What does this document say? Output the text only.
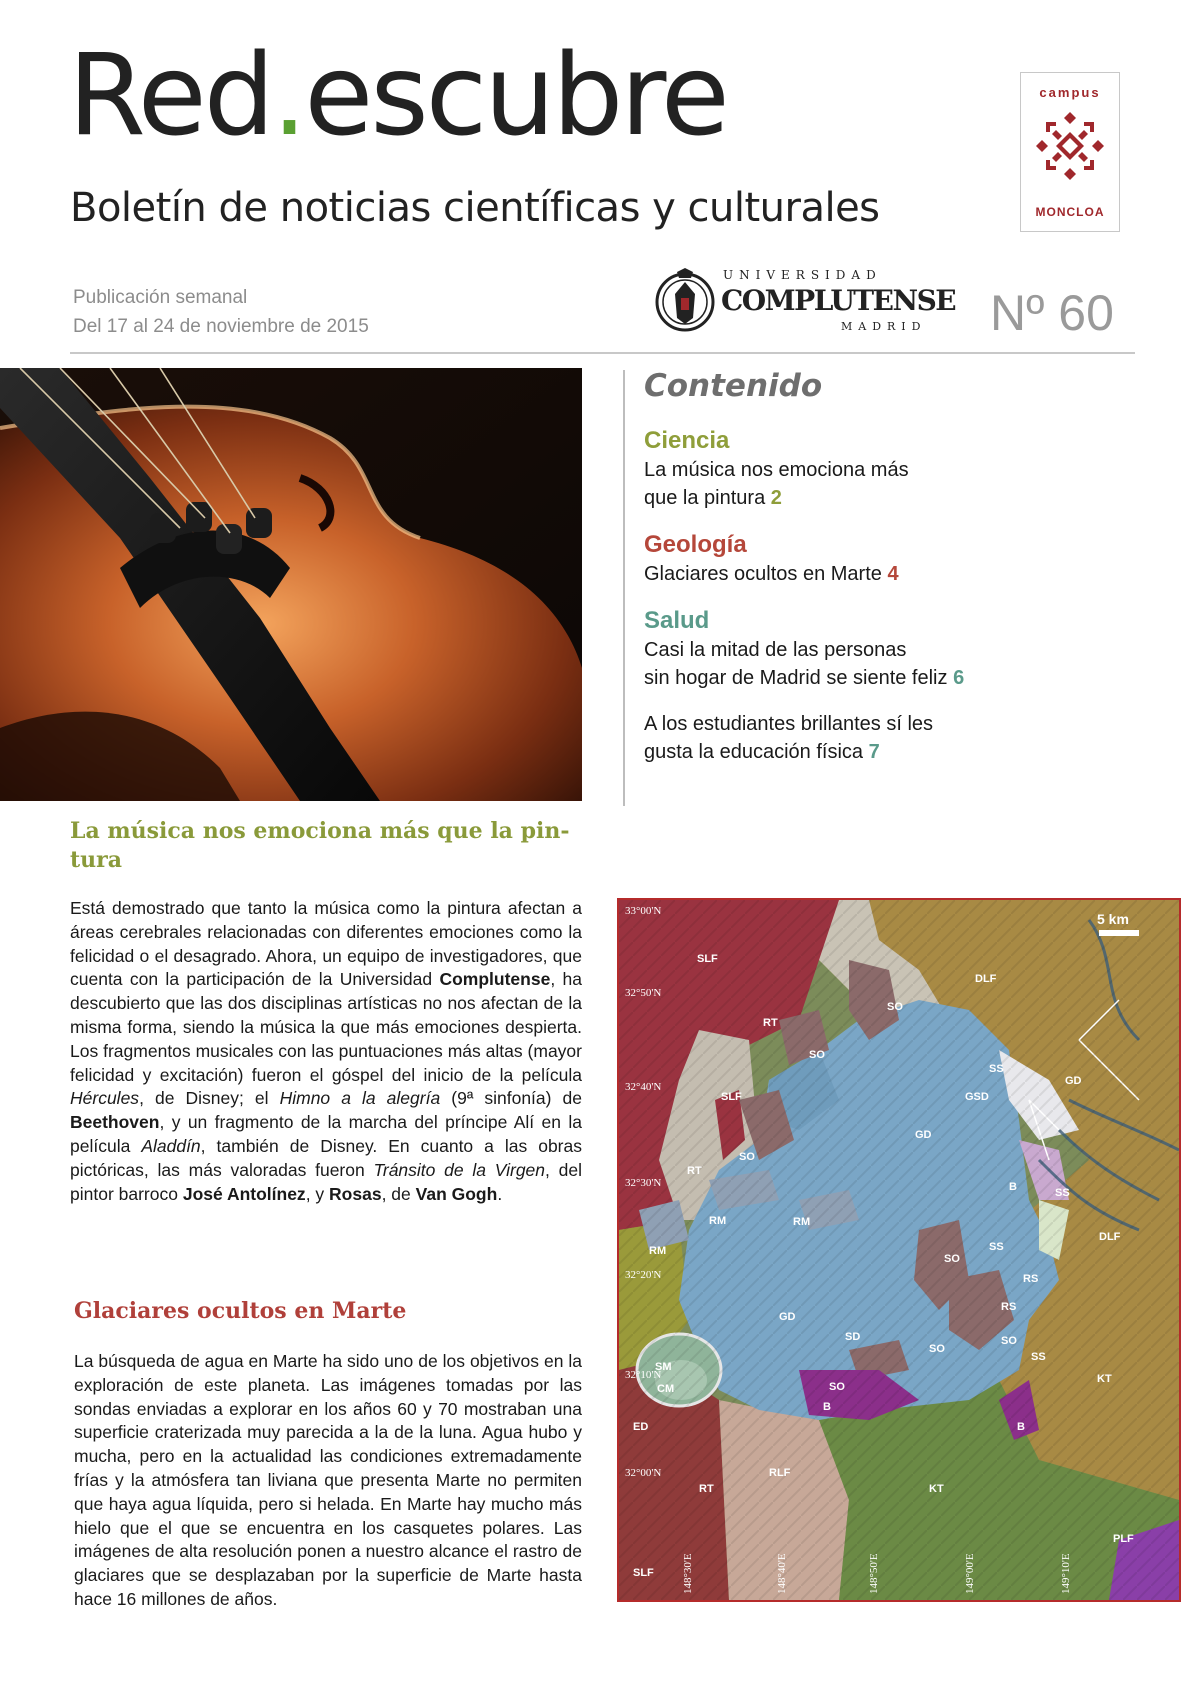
Red.escubre
Boletín de noticias científicas y culturales
campus
MONCLOA
Publicación semanal
Del 17 al 24 de noviembre de 2015
UNIVERSIDAD
COMPLUTENSE
MADRID Nº 60
Contenido
Ciencia
La música nos emociona más
que la pintura 2
Geología
Glaciares ocultos en Marte 4
Salud
Casi la mitad de las personas
sin hogar de Madrid se siente feliz 6
A los estudiantes brillantes sí les
gusta la educación física 7
La música nos emociona más que la pin-
tura

Está demostrado que tanto la música como la pintura afectan a áreas cerebrales relacionadas con diferentes emociones como la felicidad o el desagrado. Ahora, un equipo de investigadores, que cuenta con la participación de la Universidad Complutense, ha descubierto que las dos disciplinas artísticas no nos afectan de la misma forma, siendo la música la que más emociones despierta. Los fragmentos musicales con las puntuaciones más altas (mayor felicidad y excitación) fueron el góspel del inicio de la película Hércules, de Disney; el Himno a la alegría (9ª sinfonía) de Beethoven, y un fragmento de la marcha del príncipe Alí en la película Aladdín, también de Disney. En cuanto a las obras pictóricas, las más valoradas fueron Tránsito de la Virgen, del pintor barroco José Antolínez, y Rosas, de Van Gogh.

Glaciares ocultos en Marte

La búsqueda de agua en Marte ha sido uno de los objetivos en la exploración de este planeta. Las imágenes tomadas por las sondas enviadas a explorar en los años 60 y 70 mostraban una superficie craterizada muy parecida a la de la luna. Agua hubo y mucha, pero en la actualidad las condiciones extremadamente frías y la atmósfera tan liviana que presenta Marte no permiten que haya agua líquida, pero si helada. En Marte hay mucho más hielo que el que se encuentra en los casquetes polares. Las imágenes de alta resolución ponen a nuestro alcance el rastro de glaciares que se desplazaban por la superficie de Marte hasta hace 16 millones de años.

5 km
33°00'N
32°50'N
32°40'N
32°30'N
32°20'N
32°10'N
32°00'N
148°30'E	148°40'E	148°50'E	149°00'E	149°10'E
SLF
SLF
SLF
DLF
DLF
RT
RT
RT
SO
SO
SO
SO
SO
SO
SO
GD
GD
GD
GSD
SS
SS
SS
SS
RM	RM
RM
B
B
B
RS
RS
SD
SM
CM
ED
RLF
KT
KT
PLF
